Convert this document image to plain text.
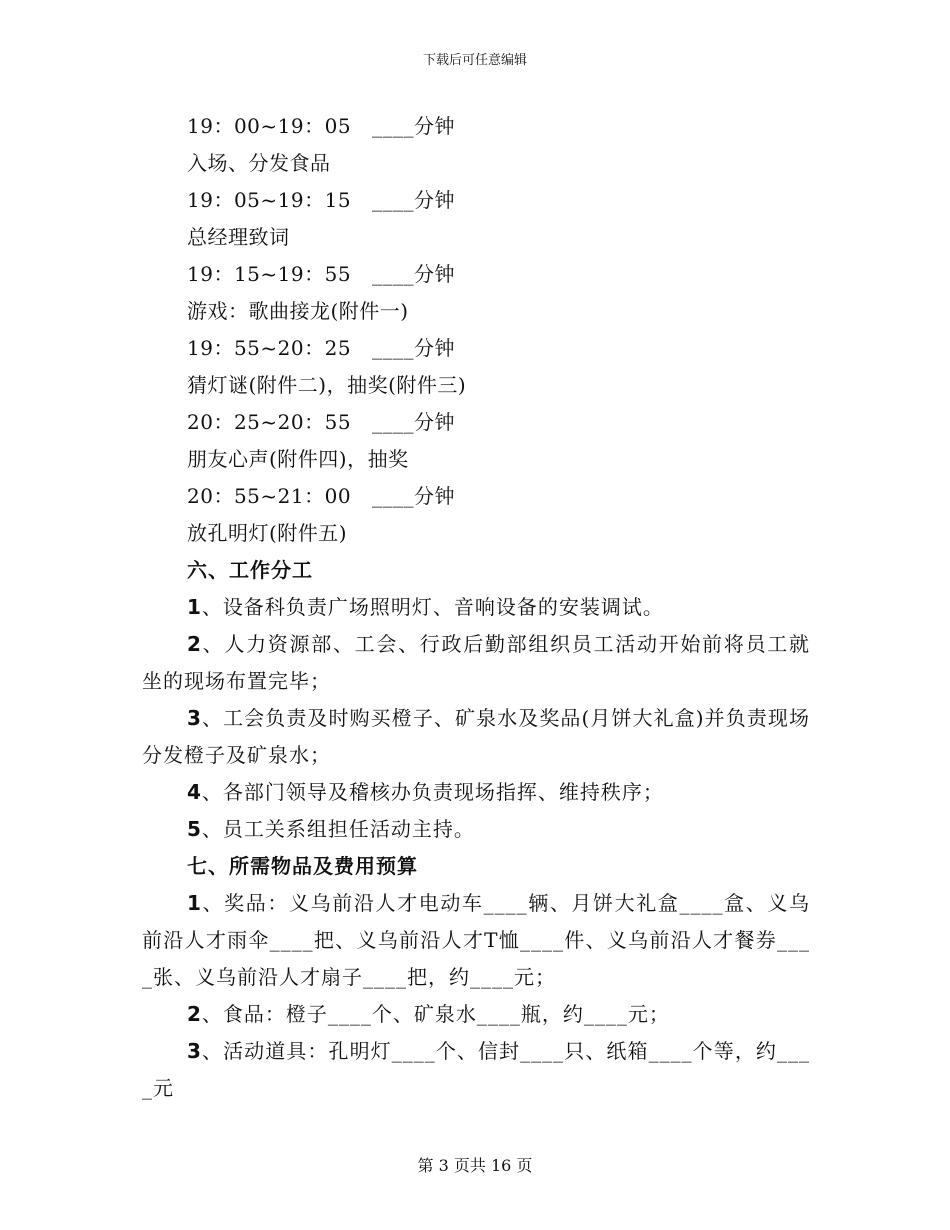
下载后可任意编辑
19：00~19：05 ____分钟
入场、分发食品
19：05~19：15 ____分钟
总经理致词
19：15~19：55 ____分钟
游戏：歌曲接龙(附件一)
19：55~20：25 ____分钟
猜灯谜(附件二)，抽奖(附件三)
20：25~20：55 ____分钟
朋友心声(附件四)，抽奖
20：55~21：00 ____分钟
放孔明灯(附件五)
六、工作分工

1、设备科负责广场照明灯、音响设备的安装调试。

2、人力资源部、工会、行政后勤部组织员工活动开始前将员工就坐的现场布置完毕；

3、工会负责及时购买橙子、矿泉水及奖品(月饼大礼盒)并负责现场分发橙子及矿泉水；

4、各部门领导及稽核办负责现场指挥、维持秩序；

5、员工关系组担任活动主持。

七、所需物品及费用预算

1、奖品：义乌前沿人才电动车____辆、月饼大礼盒____盒、义乌前沿人才雨伞____把、义乌前沿人才T恤____件、义乌前沿人才餐券____张、义乌前沿人才扇子____把，约____元；

2、食品：橙子____个、矿泉水____瓶，约____元；

3、活动道具：孔明灯____个、信封____只、纸箱____个等，约____元

第 3 页共 16 页
